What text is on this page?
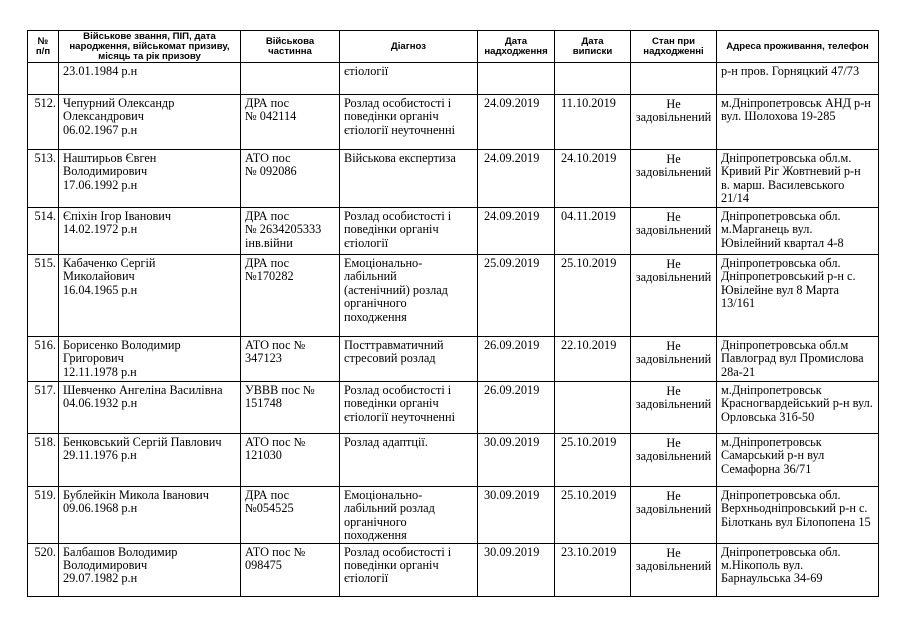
№
п/п	Військове звання, ПІП, дата
народження, військомат призиву,
місяць та рік призову	Військова
частинна	Діагноз	Дата
надходження	Дата
виписки	Стан при
надходженні	Адреса проживання, телефон

	23.01.1984 р.н		єтіології				р-н пров. Горняцкий 47/73

512.	Чепурний Олександр
Олександрович
06.02.1967 р.н	ДРА пос
№ 042114	Розлад особистості і
поведінки органіч
єтіології неуточненні	24.09.2019	11.10.2019	Не
задовільнений	м.Дніпропетровськ АНД р-н
вул. Шолохова 19-285

513.	Наштирьов Євген
Володимирович
17.06.1992 р.н	АТО пос
№ 092086	Військова експертиза	24.09.2019	24.10.2019	Не
задовільнений	Дніпропетровська обл.м.
Кривий Ріг Жовтневий р-н
в. марш. Василевського
21/14

514.	Єпіхін Ігор Іванович
14.02.1972 р.н	ДРА пос
№ 2634205333
інв.війни	Розлад особистості і
поведінки органіч
єтіології	24.09.2019	04.11.2019	Не
задовільнений	Дніпропетровська обл.
м.Марганець вул.
Ювілейний квартал 4-8

515.	Кабаченко Сергій
Миколайович
16.04.1965 р.н	ДРА пос
№170282	Емоціонально-
лабільний
(астенічний) розлад
органічного
походження	25.09.2019	25.10.2019	Не
задовільнений	Дніпропетровська обл.
Дніпропетровський р-н с.
Ювілейне вул 8 Марта
13/161

516.	Борисенко Володимир
Григорович
12.11.1978 р.н	АТО пос №
347123	Посттравматичний
стресовий розлад	26.09.2019	22.10.2019	Не
задовільнений	Дніпропетровська обл.м
Павлоград вул Промислова
28а-21

517.	Шевченко Ангеліна Василівна
04.06.1932 р.н	УВВВ пос №
151748	Розлад особистості і
поведінки органіч
єтіології неуточненні	26.09.2019		Не
задовільнений	м.Дніпропетровськ
Красногвардейський р-н вул.
Орловська 31б-50

518.	Бенковський Сергій Павлович
29.11.1976 р.н	АТО пос №
121030	Розлад адаптції.	30.09.2019	25.10.2019	Не
задовільнений	м.Дніпропетровськ
Самарський р-н вул
Семафорна 36/71

519.	Бублейкін Микола Іванович
09.06.1968 р.н	ДРА пос
№054525	Емоціонально-
лабільний розлад
органічного
походження	30.09.2019	25.10.2019	Не
задовільнений	Дніпропетровська обл.
Верхньодніпровський р-н с.
Білоткань вул Білопопена 15

520.	Балбашов Володимир
Володимирович
29.07.1982 р.н	АТО пос №
098475	Розлад особистості і
поведінки органіч
єтіології	30.09.2019	23.10.2019	Не
задовільнений	Дніпропетровська обл.
м.Нікополь вул.
Барнаульська 34-69
